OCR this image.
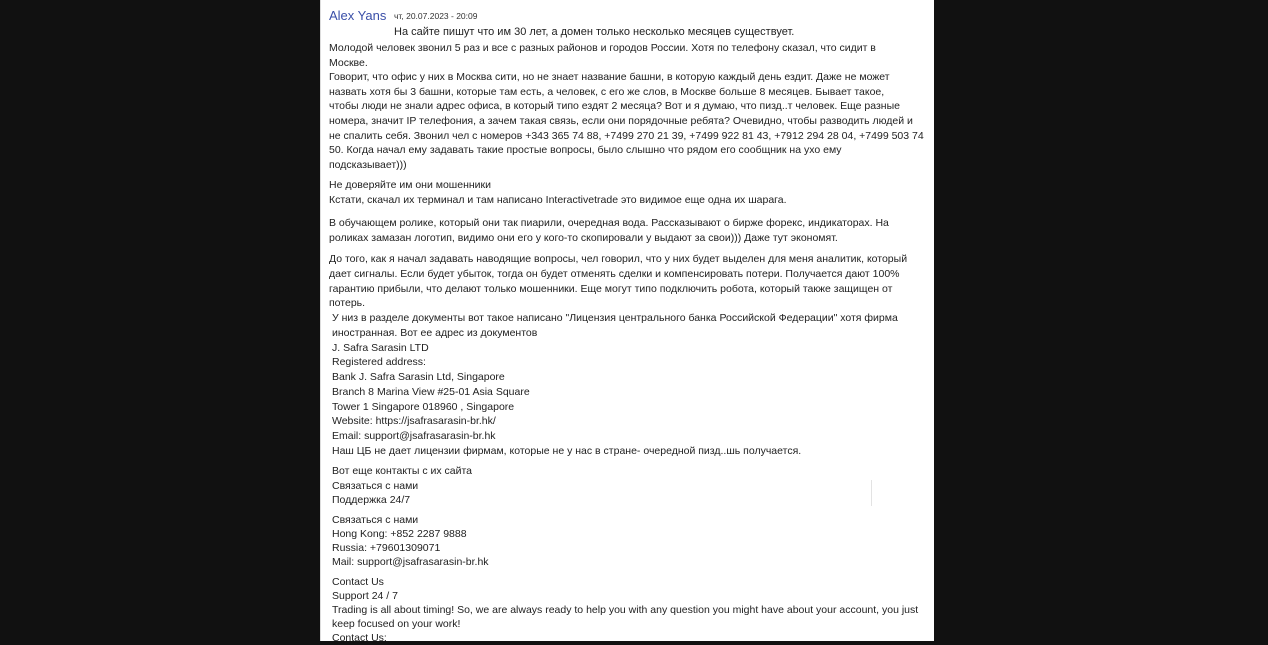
Alex Yans чт, 20.07.2023 - 20:09
На сайте пишут что им 30 лет, а домен только несколько месяцев существует.
Молодой человек звонил 5 раз и все с разных районов и городов России. Хотя по телефону сказал, что сидит в
Москве.
Говорит, что офис у них в Москва сити, но не знает название башни, в которую каждый день ездит. Даже не может
назвать хотя бы 3 башни, которые там есть, а человек, с его же слов, в Москве больше 8 месяцев. Бывает такое,
чтобы люди не знали адрес офиса, в который типо ездят 2 месяца? Вот и я думаю, что пизд..т человек. Еще разные
номера, значит IP телефония, а зачем такая связь, если они порядочные ребята? Очевидно, чтобы разводить людей и
не спалить себя. Звонил чел с номеров +343 365 74 88, +7499 270 21 39, +7499 922 81 43, +7912 294 28 04, +7499 503 74
50. Когда начал ему задавать такие простые вопросы, было слышно что рядом его сообщник на ухо ему
подсказывает)))
Не доверяйте им они мошенники
Кстати, скачал их терминал и там написано Interactivetrade это видимое еще одна их шарага.
В обучающем ролике, который они так пиарили, очередная вода. Рассказывают о бирже форекс, индикаторах. На
роликах замазан логотип, видимо они его у кого-то скопировали у выдают за свои))) Даже тут экономят.
До того, как я начал задавать наводящие вопросы, чел говорил, что у них будет выделен для меня аналитик, который
дает сигналы. Если будет убыток, тогда он будет отменять сделки и компенсировать потери. Получается дают 100%
гарантию прибыли, что делают только мошенники. Еще могут типо подключить робота, который также защищен от
потерь.
У низ в разделе документы вот такое написано "Лицензия центрального банка Российской Федерации" хотя фирма
иностранная. Вот ее адрес из документов
J. Safra Sarasin LTD
Registered address:
Bank J. Safra Sarasin Ltd, Singapore
Branch 8 Marina View #25-01 Asia Square
Tower 1 Singapore 018960 , Singapore
Website: https://jsafrasarasin-br.hk/
Email: support@jsafrasarasin-br.hk
Наш ЦБ не дает лицензии фирмам, которые не у нас в стране- очередной пизд..шь получается.
Вот еще контакты с их сайта
Связаться с нами
Поддержка 24/7
Связаться с нами
Hong Kong: +852 2287 9888
Russia: +79601309071
Mail: support@jsafrasarasin-br.hk
Contact Us
Support 24 / 7
Trading is all about timing! So, we are always ready to help you with any question you might have about your account, you just
keep focused on your work!
Contact Us:
